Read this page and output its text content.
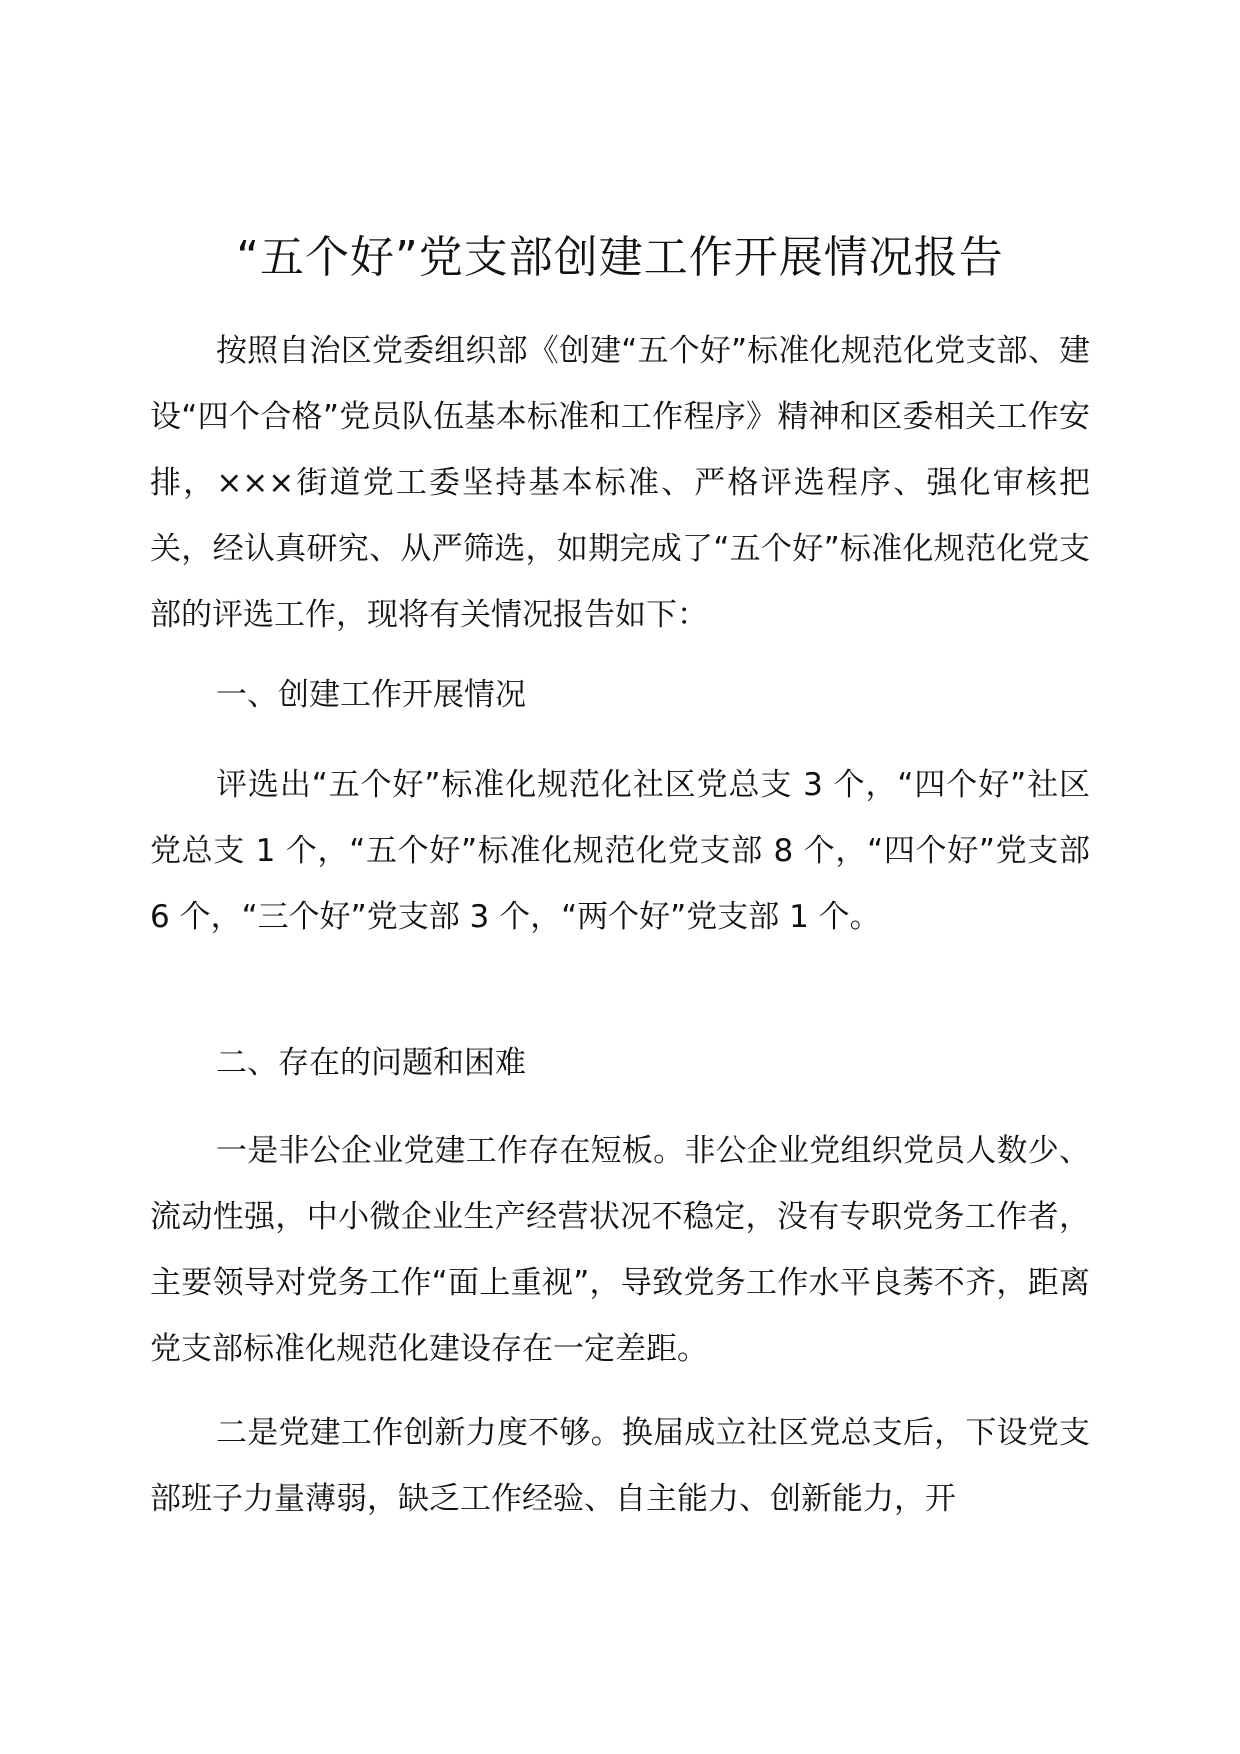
“五个好”党支部创建工作开展情况报告

按照自治区党委组织部《创建“五个好”标准化规范化党支部、建设“四个合格”党员队伍基本标准和工作程序》精神和区委相关工作安排，×××街道党工委坚持基本标准、严格评选程序、强化审核把关，经认真研究、从严筛选，如期完成了“五个好”标准化规范化党支部的评选工作，现将有关情况报告如下：

一、创建工作开展情况

评选出“五个好”标准化规范化社区党总支 3 个，“四个好”社区党总支 1 个，“五个好”标准化规范化党支部 8 个，“四个好”党支部 6 个，“三个好”党支部 3 个，“两个好”党支部 1 个。

二、存在的问题和困难

一是非公企业党建工作存在短板。非公企业党组织党员人数少、流动性强，中小微企业生产经营状况不稳定，没有专职党务工作者，主要领导对党务工作“面上重视”，导致党务工作水平良莠不齐，距离党支部标准化规范化建设存在一定差距。

二是党建工作创新力度不够。换届成立社区党总支后，下设党支部班子力量薄弱，缺乏工作经验、自主能力、创新能力，开
